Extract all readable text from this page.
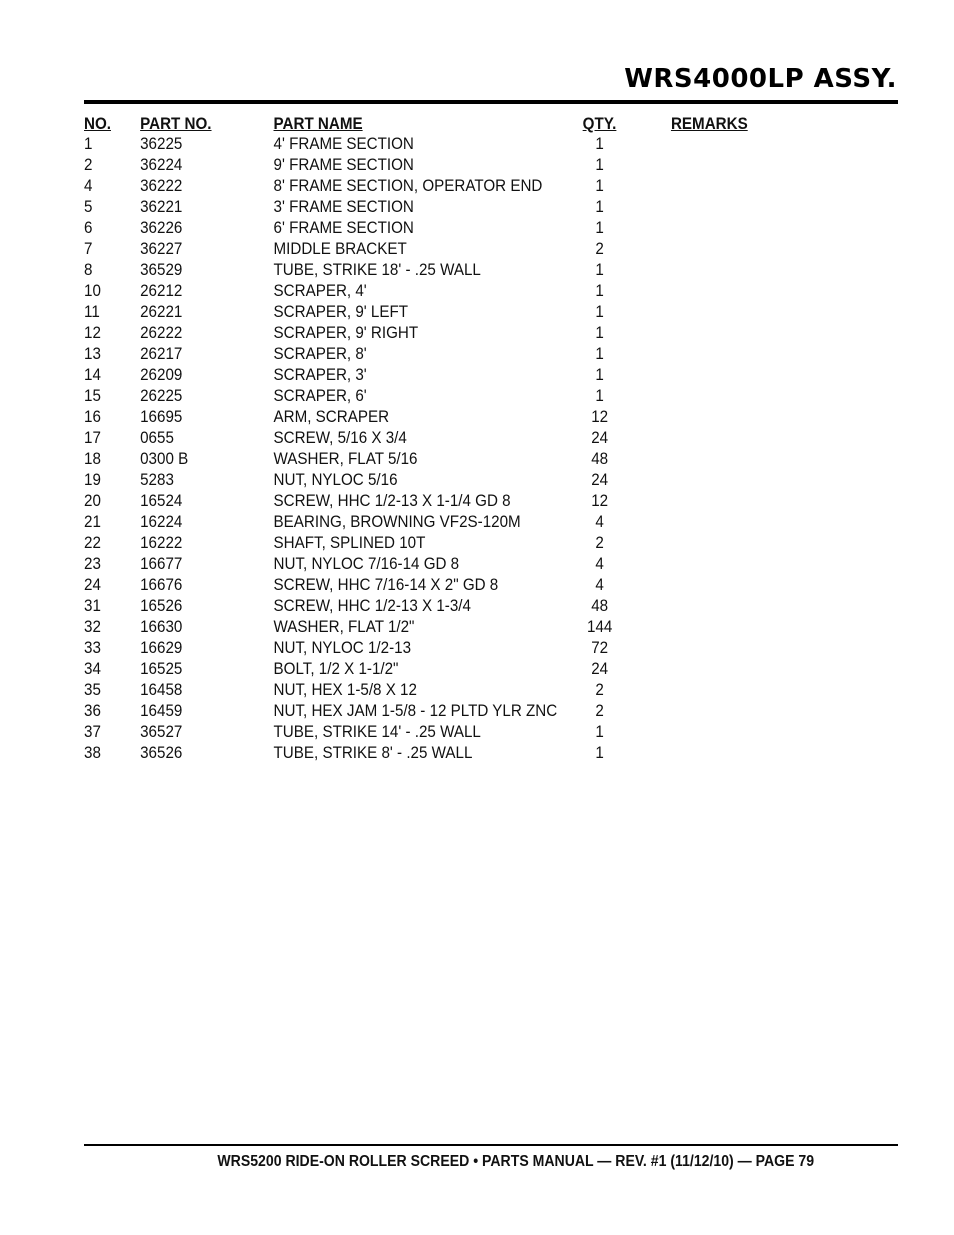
WRS4000LP ASSY.
NO.	PART NO.	PART NAME	QTY.	REMARKS
1	36225	4' FRAME SECTION	1	
2	36224	9' FRAME SECTION	1	
4	36222	8' FRAME SECTION, OPERATOR END	1	
5	36221	3' FRAME SECTION	1	
6	36226	6' FRAME SECTION	1	
7	36227	MIDDLE BRACKET	2	
8	36529	TUBE, STRIKE 18' - .25 WALL	1	
10	26212	SCRAPER, 4'	1	
11	26221	SCRAPER, 9' LEFT	1	
12	26222	SCRAPER, 9' RIGHT	1	
13	26217	SCRAPER, 8'	1	
14	26209	SCRAPER, 3'	1	
15	26225	SCRAPER, 6'	1	
16	16695	ARM, SCRAPER	12	
17	0655	SCREW, 5/16 X 3/4	24	
18	0300 B	WASHER, FLAT 5/16	48	
19	5283	NUT, NYLOC 5/16	24	
20	16524	SCREW, HHC 1/2-13 X 1-1/4 GD 8	12	
21	16224	BEARING, BROWNING VF2S-120M	4	
22	16222	SHAFT, SPLINED 10T	2	
23	16677	NUT, NYLOC 7/16-14 GD 8	4	
24	16676	SCREW, HHC 7/16-14 X 2" GD 8	4	
31	16526	SCREW, HHC 1/2-13 X 1-3/4	48	
32	16630	WASHER, FLAT 1/2"	144	
33	16629	NUT, NYLOC 1/2-13	72	
34	16525	BOLT, 1/2 X 1-1/2"	24	
35	16458	NUT, HEX 1-5/8 X 12	2	
36	16459	NUT, HEX JAM 1-5/8 - 12 PLTD YLR ZNC	2	
37	36527	TUBE, STRIKE 14' - .25 WALL	1	
38	36526	TUBE, STRIKE 8' - .25 WALL	1	
WRS5200 RIDE-ON ROLLER SCREED • PARTS MANUAL — REV. #1 (11/12/10) — PAGE 79
